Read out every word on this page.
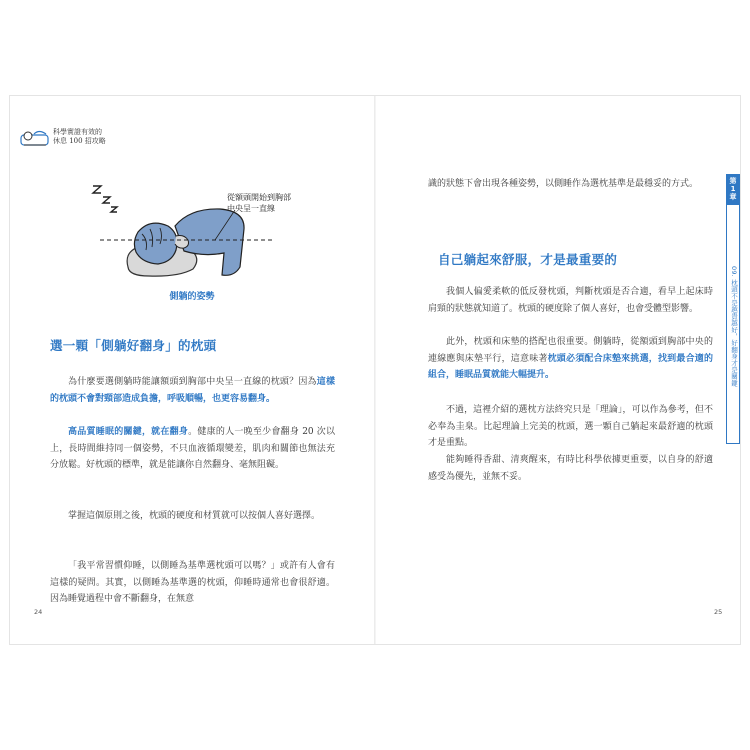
科學實證有效的
休息 100 招攻略
從額頭開始到胸部
中央呈一直線
側躺的姿勢
選一顆「側躺好翻身」的枕頭

為什麼要選側躺時能讓額頭到胸部中央呈一直線的枕頭？因為這樣的枕頭不會對頸部造成負擔，呼吸順暢，也更容易翻身。

高品質睡眠的關鍵，就在翻身。健康的人一晚至少會翻身 20 次以上，長時間維持同一個姿勢，不只血液循環變差，肌肉和關節也無法充分放鬆。好枕頭的標準，就是能讓你自然翻身、毫無阻礙。

掌握這個原則之後，枕頭的硬度和材質就可以按個人喜好選擇。

「我平常習慣仰睡，以側睡為基準選枕頭可以嗎？」或許有人會有這樣的疑問。其實，以側睡為基準選的枕頭，仰睡時通常也會很舒適。因為睡覺過程中會不斷翻身，在無意

24

識的狀態下會出現各種姿勢，以側睡作為選枕基準是最穩妥的方式。

自己躺起來舒服，才是最重要的

我個人偏愛柔軟的低反發枕頭，判斷枕頭是否合適，看早上起床時肩頸的狀態就知道了。枕頭的硬度除了個人喜好，也會受體型影響。

此外，枕頭和床墊的搭配也很重要。側躺時，從額頭到胸部中央的連線應與床墊平行，這意味著枕頭必須配合床墊來挑選，找到最合適的組合，睡眠品質就能大幅提升。

不過，這裡介紹的選枕方法終究只是「理論」，可以作為參考，但不必奉為圭臬。比起理論上完美的枕頭，選一顆自己躺起來最舒適的枕頭才是重點。

能夠睡得香甜、清爽醒來，有時比科學依據更重要，以自身的舒適感受為優先，並無不妥。

第
1
章
09. 枕頭不是越貴越好，好翻身才是關鍵
25
